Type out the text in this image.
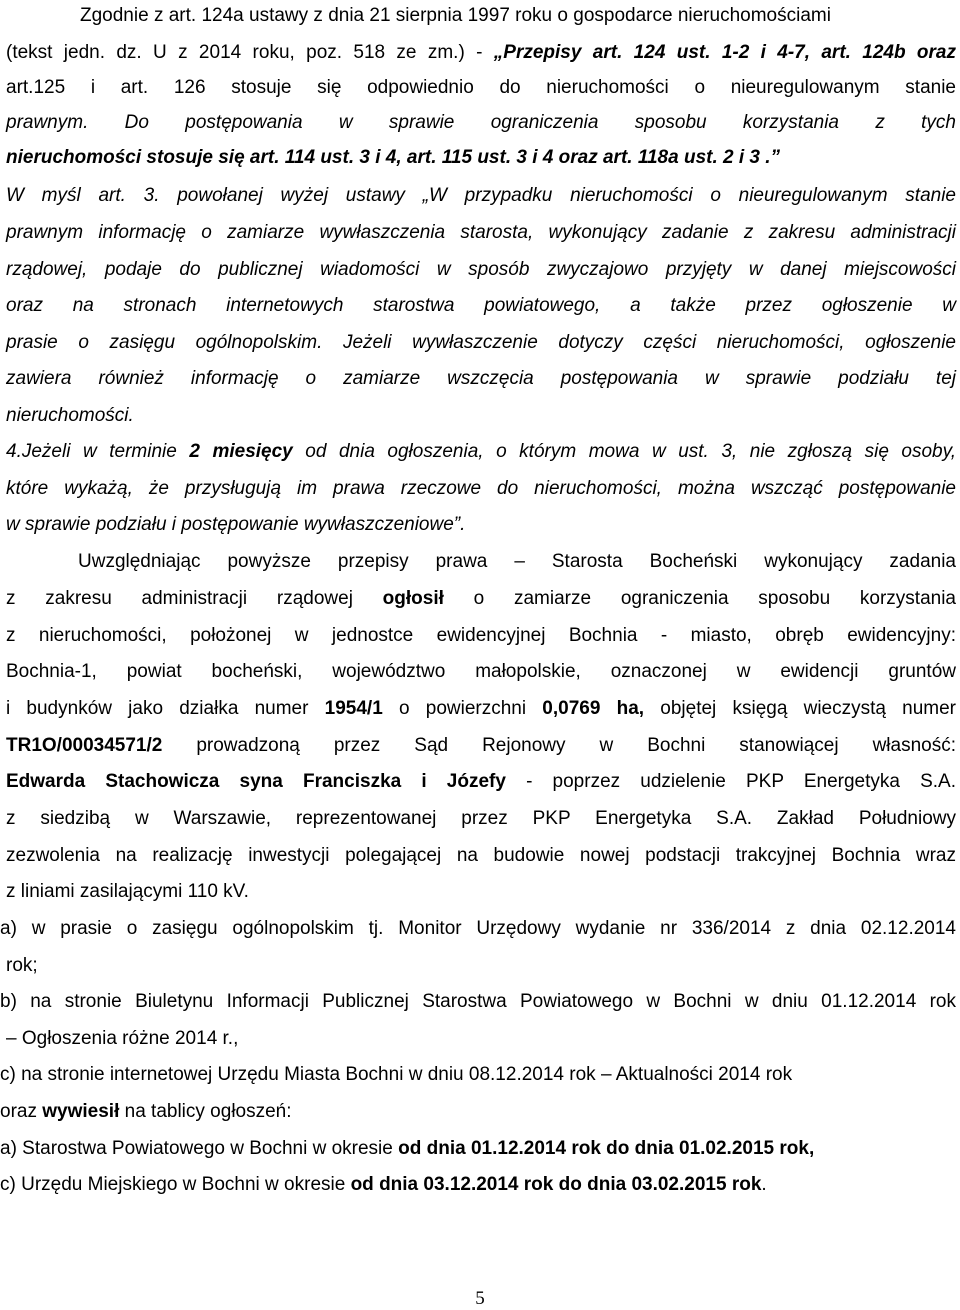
Zgodnie z art. 124a ustawy z dnia 21 sierpnia 1997 roku o gospodarce nieruchomościami
(tekst jedn. dz. U z 2014 roku, poz. 518 ze zm.) - „Przepisy art. 124 ust. 1-2 i 4-7, art. 124b oraz
art.125 i art. 126 stosuje się odpowiednio do nieruchomości o nieuregulowanym stanie
prawnym. Do postępowania w sprawie ograniczenia sposobu korzystania z tych
nieruchomości stosuje się art. 114 ust. 3 i 4, art. 115 ust. 3 i 4 oraz art. 118a ust. 2 i 3 .”
W myśl art. 3. powołanej wyżej ustawy „W przypadku nieruchomości o nieuregulowanym stanie
prawnym informację o zamiarze wywłaszczenia starosta, wykonujący zadanie z zakresu administracji
rządowej, podaje do publicznej wiadomości w sposób zwyczajowo przyjęty w danej miejscowości
oraz na stronach internetowych starostwa powiatowego, a także przez ogłoszenie w
prasie o zasięgu ogólnopolskim. Jeżeli wywłaszczenie dotyczy części nieruchomości, ogłoszenie
zawiera również informację o zamiarze wszczęcia postępowania w sprawie podziału tej
nieruchomości.
4.Jeżeli w terminie 2 miesięcy od dnia ogłoszenia, o którym mowa w ust. 3, nie zgłoszą się osoby,
które wykażą, że przysługują im prawa rzeczowe do nieruchomości, można wszcząć postępowanie
w sprawie podziału i postępowanie wywłaszczeniowe”.
Uwzględniając powyższe przepisy prawa – Starosta Bocheński wykonujący zadania
z zakresu administracji rządowej ogłosił o zamiarze ograniczenia sposobu korzystania
z nieruchomości, położonej w jednostce ewidencyjnej Bochnia - miasto, obręb ewidencyjny:
Bochnia-1, powiat bocheński, województwo małopolskie, oznaczonej w ewidencji gruntów
i budynków jako działka numer 1954/1 o powierzchni 0,0769 ha, objętej księgą wieczystą numer
TR1O/00034571/2 prowadzoną przez Sąd Rejonowy w Bochni stanowiącej własność:
Edwarda Stachowicza syna Franciszka i Józefy - poprzez udzielenie PKP Energetyka S.A.
z siedzibą w Warszawie, reprezentowanej przez PKP Energetyka S.A. Zakład Południowy
zezwolenia na realizację inwestycji polegającej na budowie nowej podstacji trakcyjnej Bochnia wraz
z liniami zasilającymi 110 kV.
a) w prasie o zasięgu ogólnopolskim tj. Monitor Urzędowy wydanie nr 336/2014 z dnia 02.12.2014
rok;
b) na stronie Biuletynu Informacji Publicznej Starostwa Powiatowego w Bochni w dniu 01.12.2014 rok
– Ogłoszenia różne 2014 r.,
c) na stronie internetowej Urzędu Miasta Bochni w dniu 08.12.2014 rok – Aktualności 2014 rok
oraz wywiesił na tablicy ogłoszeń:
a) Starostwa Powiatowego w Bochni w okresie od dnia 01.12.2014 rok do dnia 01.02.2015 rok,
c) Urzędu Miejskiego w Bochni w okresie od dnia 03.12.2014 rok do dnia 03.02.2015 rok.
5
